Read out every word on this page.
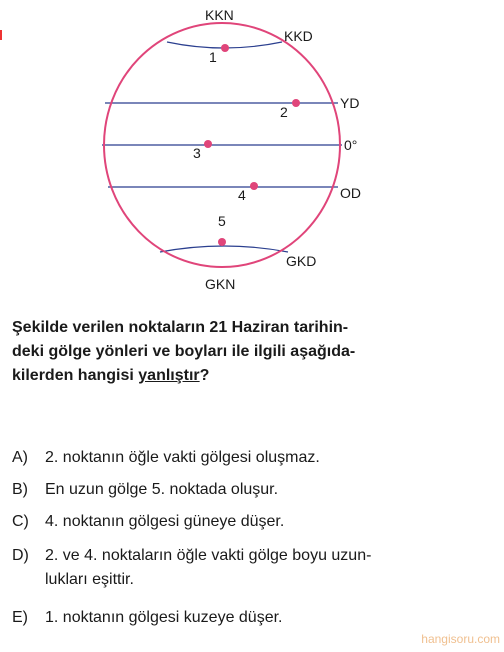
1
2
3
4
5
KKN
KKD
YD
0°
OD
GKD
GKN
Şekilde verilen noktaların 21 Haziran tarihin-
deki gölge yönleri ve boyları ile ilgili aşağıda-
kilerden hangisi yanlıştır?
A) 2. noktanın öğle vakti gölgesi oluşmaz.
B) En uzun gölge 5. noktada oluşur.
C) 4. noktanın gölgesi güneye düşer.
D) 2. ve 4. noktaların öğle vakti gölge boyu uzun-
lukları eşittir.
E) 1. noktanın gölgesi kuzeye düşer.
hangisoru.com
